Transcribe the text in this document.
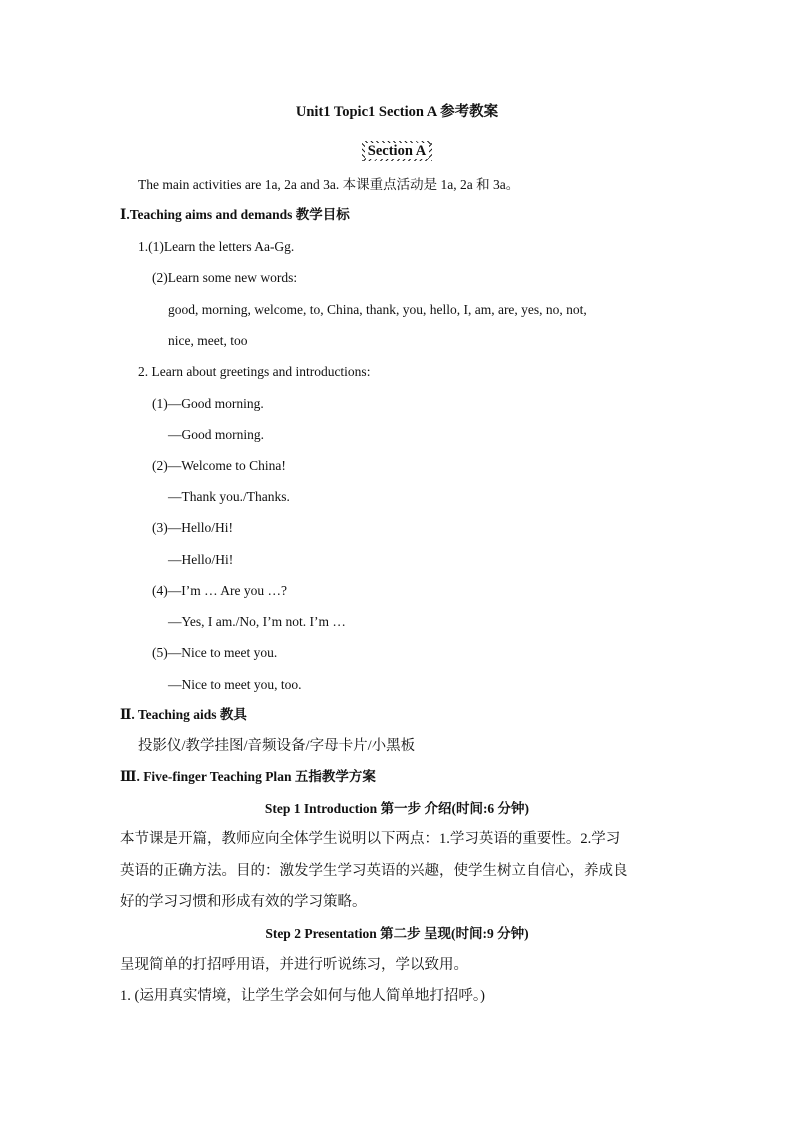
Unit1 Topic1 Section A 参考教案
Section A
The main activities are 1a, 2a and 3a. 本课重点活动是 1a, 2a 和 3a。
Ⅰ.Teaching aims and demands 教学目标
1.(1)Learn the letters Aa-Gg.
(2)Learn some new words:
good, morning, welcome, to, China, thank, you, hello, I, am, are, yes, no, not,
nice, meet, too
2. Learn about greetings and introductions:
(1)—Good morning.
—Good morning.
(2)—Welcome to China!
—Thank you./Thanks.
(3)—Hello/Hi!
—Hello/Hi!
(4)—I’m … Are you …?
—Yes, I am./No, I’m not. I’m …
(5)—Nice to meet you.
—Nice to meet you, too.
Ⅱ. Teaching aids 教具
投影仪/教学挂图/音频设备/字母卡片/小黑板
Ⅲ. Five-finger Teaching Plan 五指教学方案
Step 1 Introduction 第一步 介绍(时间:6 分钟)
本节课是开篇，教师应向全体学生说明以下两点：1.学习英语的重要性。2.学习
英语的正确方法。目的：激发学生学习英语的兴趣，使学生树立自信心，养成良
好的学习习惯和形成有效的学习策略。
Step 2 Presentation 第二步 呈现(时间:9 分钟)
呈现简单的打招呼用语，并进行听说练习，学以致用。
1. (运用真实情境，让学生学会如何与他人简单地打招呼。)
